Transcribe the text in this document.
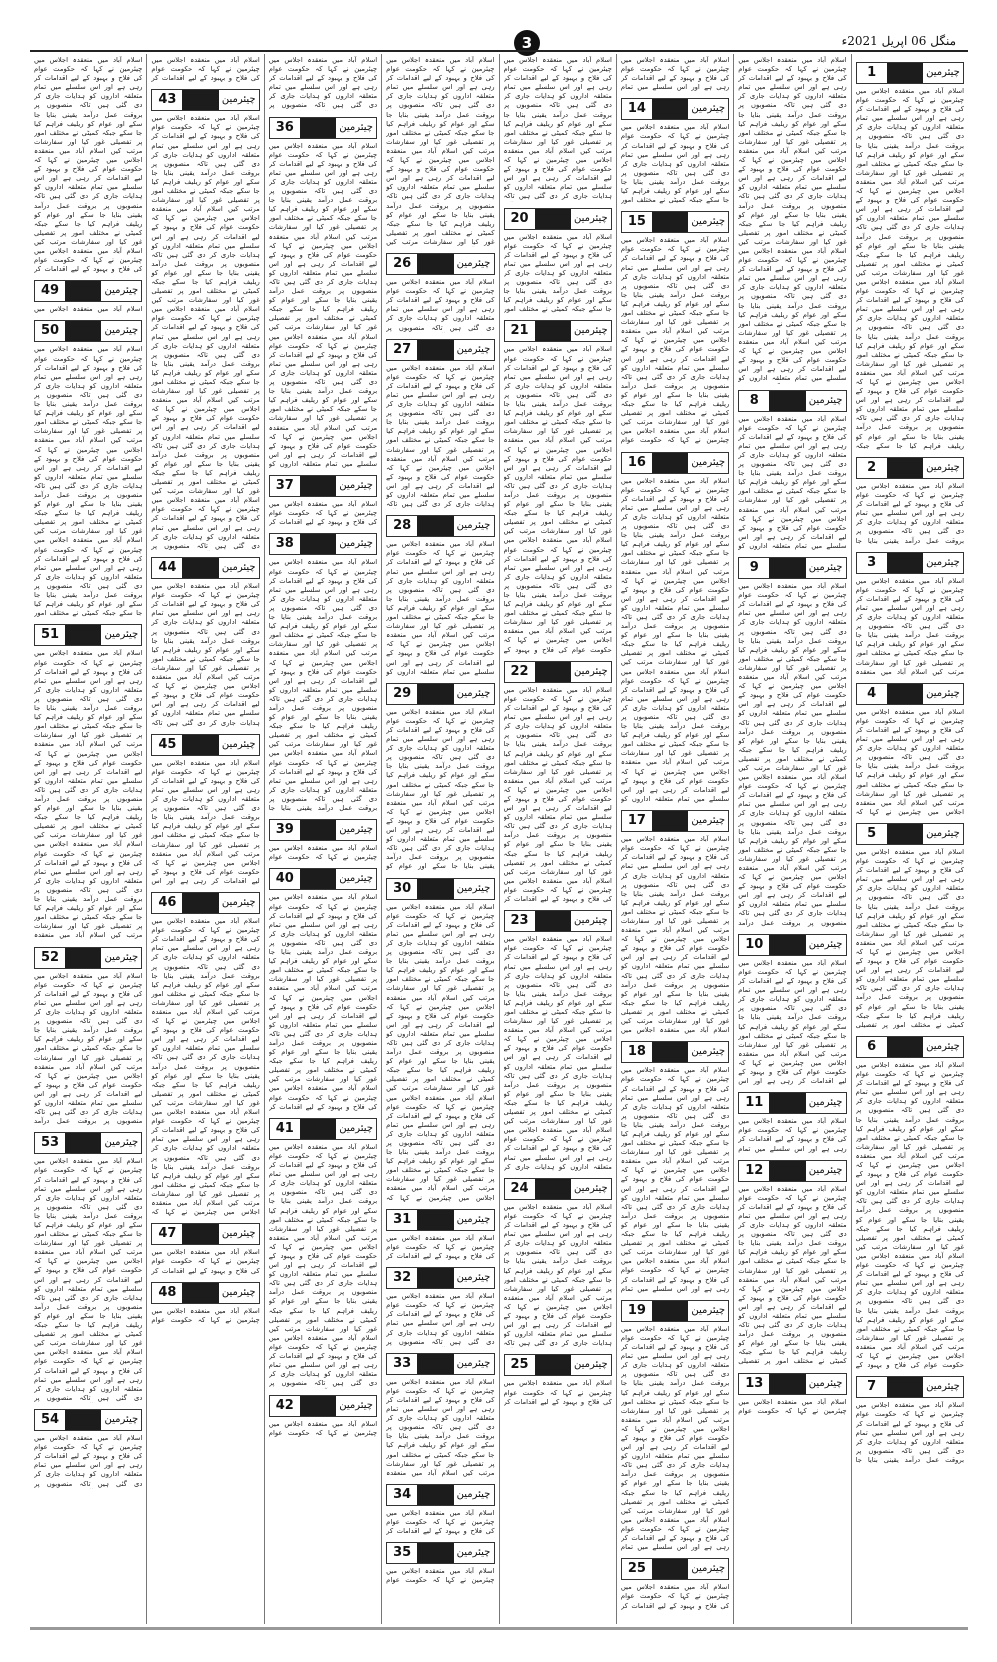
3	منگل 06 اپریل 2021ء
چیئرمین
1
اسلام آباد میں منعقدہ اجلاس میں چیئرمین نے کہا کہ حکومت عوام کی فلاح و بہبود کے لیے اقدامات کر رہی ہے اور اس سلسلے میں تمام متعلقہ اداروں کو ہدایات جاری کر دی گئی ہیں تاکہ منصوبوں پر بروقت عمل درآمد یقینی بنایا جا سکے اور عوام کو ریلیف فراہم کیا جا سکے جبکہ کمیٹی نے مختلف امور پر تفصیلی غور کیا اور سفارشات مرتب کیں اسلام آباد میں منعقدہ اجلاس میں چیئرمین نے کہا کہ حکومت عوام کی فلاح و بہبود کے لیے اقدامات کر رہی ہے اور اس سلسلے میں تمام متعلقہ اداروں کو ہدایات جاری کر دی گئی ہیں تاکہ منصوبوں پر بروقت عمل درآمد یقینی بنایا جا سکے اور عوام کو ریلیف فراہم کیا جا سکے جبکہ کمیٹی نے مختلف امور پر تفصیلی غور کیا اور سفارشات مرتب کیں اسلام آباد میں منعقدہ اجلاس میں چیئرمین نے کہا کہ حکومت عوام کی فلاح و بہبود کے لیے اقدامات کر رہی ہے اور اس سلسلے میں تمام متعلقہ اداروں کو ہدایات جاری کر دی گئی ہیں تاکہ منصوبوں پر بروقت عمل درآمد یقینی بنایا جا سکے اور عوام کو ریلیف فراہم کیا جا سکے جبکہ کمیٹی نے مختلف امور پر تفصیلی غور کیا اور سفارشات مرتب کیں اسلام آباد میں منعقدہ اجلاس میں چیئرمین نے کہا کہ حکومت عوام کی فلاح و بہبود کے لیے اقدامات کر رہی ہے اور اس سلسلے میں تمام متعلقہ اداروں کو ہدایات جاری کر دی گئی ہیں تاکہ منصوبوں پر بروقت عمل درآمد یقینی بنایا جا سکے اور عوام کو ریلیف فراہم کیا جا سکے جبکہ
چیئرمین
2
اسلام آباد میں منعقدہ اجلاس میں چیئرمین نے کہا کہ حکومت عوام کی فلاح و بہبود کے لیے اقدامات کر رہی ہے اور اس سلسلے میں تمام متعلقہ اداروں کو ہدایات جاری کر دی گئی ہیں تاکہ منصوبوں پر بروقت عمل درآمد یقینی بنایا جا
چیئرمین
3
اسلام آباد میں منعقدہ اجلاس میں چیئرمین نے کہا کہ حکومت عوام کی فلاح و بہبود کے لیے اقدامات کر رہی ہے اور اس سلسلے میں تمام متعلقہ اداروں کو ہدایات جاری کر دی گئی ہیں تاکہ منصوبوں پر بروقت عمل درآمد یقینی بنایا جا سکے اور عوام کو ریلیف فراہم کیا جا سکے جبکہ کمیٹی نے مختلف امور پر تفصیلی غور کیا اور سفارشات مرتب کیں اسلام آباد میں منعقدہ
چیئرمین
4
اسلام آباد میں منعقدہ اجلاس میں چیئرمین نے کہا کہ حکومت عوام کی فلاح و بہبود کے لیے اقدامات کر رہی ہے اور اس سلسلے میں تمام متعلقہ اداروں کو ہدایات جاری کر دی گئی ہیں تاکہ منصوبوں پر بروقت عمل درآمد یقینی بنایا جا سکے اور عوام کو ریلیف فراہم کیا جا سکے جبکہ کمیٹی نے مختلف امور پر تفصیلی غور کیا اور سفارشات مرتب کیں اسلام آباد میں منعقدہ اجلاس میں چیئرمین نے کہا کہ
چیئرمین
5
اسلام آباد میں منعقدہ اجلاس میں چیئرمین نے کہا کہ حکومت عوام کی فلاح و بہبود کے لیے اقدامات کر رہی ہے اور اس سلسلے میں تمام متعلقہ اداروں کو ہدایات جاری کر دی گئی ہیں تاکہ منصوبوں پر بروقت عمل درآمد یقینی بنایا جا سکے اور عوام کو ریلیف فراہم کیا جا سکے جبکہ کمیٹی نے مختلف امور پر تفصیلی غور کیا اور سفارشات مرتب کیں اسلام آباد میں منعقدہ اجلاس میں چیئرمین نے کہا کہ حکومت عوام کی فلاح و بہبود کے لیے اقدامات کر رہی ہے اور اس سلسلے میں تمام متعلقہ اداروں کو ہدایات جاری کر دی گئی ہیں تاکہ منصوبوں پر بروقت عمل درآمد یقینی بنایا جا سکے اور عوام کو ریلیف فراہم کیا جا سکے جبکہ کمیٹی نے مختلف امور پر تفصیلی
چیئرمین
6
اسلام آباد میں منعقدہ اجلاس میں چیئرمین نے کہا کہ حکومت عوام کی فلاح و بہبود کے لیے اقدامات کر رہی ہے اور اس سلسلے میں تمام متعلقہ اداروں کو ہدایات جاری کر دی گئی ہیں تاکہ منصوبوں پر بروقت عمل درآمد یقینی بنایا جا سکے اور عوام کو ریلیف فراہم کیا جا سکے جبکہ کمیٹی نے مختلف امور پر تفصیلی غور کیا اور سفارشات مرتب کیں اسلام آباد میں منعقدہ اجلاس میں چیئرمین نے کہا کہ حکومت عوام کی فلاح و بہبود کے لیے اقدامات کر رہی ہے اور اس سلسلے میں تمام متعلقہ اداروں کو ہدایات جاری کر دی گئی ہیں تاکہ منصوبوں پر بروقت عمل درآمد یقینی بنایا جا سکے اور عوام کو ریلیف فراہم کیا جا سکے جبکہ کمیٹی نے مختلف امور پر تفصیلی غور کیا اور سفارشات مرتب کیں اسلام آباد میں منعقدہ اجلاس میں چیئرمین نے کہا کہ حکومت عوام کی فلاح و بہبود کے لیے اقدامات کر رہی ہے اور اس سلسلے میں تمام متعلقہ اداروں کو ہدایات جاری کر دی گئی ہیں تاکہ منصوبوں پر بروقت عمل درآمد یقینی بنایا جا سکے اور عوام کو ریلیف فراہم کیا جا سکے جبکہ کمیٹی نے مختلف امور پر تفصیلی غور کیا اور سفارشات مرتب کیں اسلام آباد میں منعقدہ اجلاس میں چیئرمین نے کہا کہ حکومت عوام کی فلاح و بہبود کے
چیئرمین
7
اسلام آباد میں منعقدہ اجلاس میں چیئرمین نے کہا کہ حکومت عوام کی فلاح و بہبود کے لیے اقدامات کر رہی ہے اور اس سلسلے میں تمام متعلقہ اداروں کو ہدایات جاری کر دی گئی ہیں تاکہ منصوبوں پر بروقت عمل درآمد یقینی بنایا جا
اسلام آباد میں منعقدہ اجلاس میں چیئرمین نے کہا کہ حکومت عوام کی فلاح و بہبود کے لیے اقدامات کر رہی ہے اور اس سلسلے میں تمام متعلقہ اداروں کو ہدایات جاری کر دی گئی ہیں تاکہ منصوبوں پر بروقت عمل درآمد یقینی بنایا جا سکے اور عوام کو ریلیف فراہم کیا جا سکے جبکہ کمیٹی نے مختلف امور پر تفصیلی غور کیا اور سفارشات مرتب کیں اسلام آباد میں منعقدہ اجلاس میں چیئرمین نے کہا کہ حکومت عوام کی فلاح و بہبود کے لیے اقدامات کر رہی ہے اور اس سلسلے میں تمام متعلقہ اداروں کو ہدایات جاری کر دی گئی ہیں تاکہ منصوبوں پر بروقت عمل درآمد یقینی بنایا جا سکے اور عوام کو ریلیف فراہم کیا جا سکے جبکہ کمیٹی نے مختلف امور پر تفصیلی غور کیا اور سفارشات مرتب کیں اسلام آباد میں منعقدہ اجلاس میں چیئرمین نے کہا کہ حکومت عوام کی فلاح و بہبود کے لیے اقدامات کر رہی ہے اور اس سلسلے میں تمام متعلقہ اداروں کو ہدایات جاری کر دی گئی ہیں تاکہ منصوبوں پر بروقت عمل درآمد یقینی بنایا جا سکے اور عوام کو ریلیف فراہم کیا جا سکے جبکہ کمیٹی نے مختلف امور پر تفصیلی غور کیا اور سفارشات مرتب کیں اسلام آباد میں منعقدہ اجلاس میں چیئرمین نے کہا کہ حکومت عوام کی فلاح و بہبود کے لیے اقدامات کر رہی ہے اور اس سلسلے میں تمام متعلقہ اداروں کو
چیئرمین
8
اسلام آباد میں منعقدہ اجلاس میں چیئرمین نے کہا کہ حکومت عوام کی فلاح و بہبود کے لیے اقدامات کر رہی ہے اور اس سلسلے میں تمام متعلقہ اداروں کو ہدایات جاری کر دی گئی ہیں تاکہ منصوبوں پر بروقت عمل درآمد یقینی بنایا جا سکے اور عوام کو ریلیف فراہم کیا جا سکے جبکہ کمیٹی نے مختلف امور پر تفصیلی غور کیا اور سفارشات مرتب کیں اسلام آباد میں منعقدہ اجلاس میں چیئرمین نے کہا کہ حکومت عوام کی فلاح و بہبود کے لیے اقدامات کر رہی ہے اور اس سلسلے میں تمام متعلقہ اداروں کو
چیئرمین
9
اسلام آباد میں منعقدہ اجلاس میں چیئرمین نے کہا کہ حکومت عوام کی فلاح و بہبود کے لیے اقدامات کر رہی ہے اور اس سلسلے میں تمام متعلقہ اداروں کو ہدایات جاری کر دی گئی ہیں تاکہ منصوبوں پر بروقت عمل درآمد یقینی بنایا جا سکے اور عوام کو ریلیف فراہم کیا جا سکے جبکہ کمیٹی نے مختلف امور پر تفصیلی غور کیا اور سفارشات مرتب کیں اسلام آباد میں منعقدہ اجلاس میں چیئرمین نے کہا کہ حکومت عوام کی فلاح و بہبود کے لیے اقدامات کر رہی ہے اور اس سلسلے میں تمام متعلقہ اداروں کو ہدایات جاری کر دی گئی ہیں تاکہ منصوبوں پر بروقت عمل درآمد یقینی بنایا جا سکے اور عوام کو ریلیف فراہم کیا جا سکے جبکہ کمیٹی نے مختلف امور پر تفصیلی غور کیا اور سفارشات مرتب کیں اسلام آباد میں منعقدہ اجلاس میں چیئرمین نے کہا کہ حکومت عوام کی فلاح و بہبود کے لیے اقدامات کر رہی ہے اور اس سلسلے میں تمام متعلقہ اداروں کو ہدایات جاری کر دی گئی ہیں تاکہ منصوبوں پر بروقت عمل درآمد یقینی بنایا جا سکے اور عوام کو ریلیف فراہم کیا جا سکے جبکہ کمیٹی نے مختلف امور پر تفصیلی غور کیا اور سفارشات مرتب کیں اسلام آباد میں منعقدہ اجلاس میں چیئرمین نے کہا کہ حکومت عوام کی فلاح و بہبود کے لیے اقدامات کر رہی ہے اور اس سلسلے میں تمام متعلقہ اداروں کو ہدایات جاری کر دی گئی ہیں تاکہ منصوبوں پر بروقت عمل درآمد
چیئرمین
10
اسلام آباد میں منعقدہ اجلاس میں چیئرمین نے کہا کہ حکومت عوام کی فلاح و بہبود کے لیے اقدامات کر رہی ہے اور اس سلسلے میں تمام متعلقہ اداروں کو ہدایات جاری کر دی گئی ہیں تاکہ منصوبوں پر بروقت عمل درآمد یقینی بنایا جا سکے اور عوام کو ریلیف فراہم کیا جا سکے جبکہ کمیٹی نے مختلف امور پر تفصیلی غور کیا اور سفارشات مرتب کیں اسلام آباد میں منعقدہ اجلاس میں چیئرمین نے کہا کہ حکومت عوام کی فلاح و بہبود کے لیے اقدامات کر رہی ہے اور اس
چیئرمین
11
اسلام آباد میں منعقدہ اجلاس میں چیئرمین نے کہا کہ حکومت عوام کی فلاح و بہبود کے لیے اقدامات کر رہی ہے اور اس سلسلے میں تمام
چیئرمین
12
اسلام آباد میں منعقدہ اجلاس میں چیئرمین نے کہا کہ حکومت عوام کی فلاح و بہبود کے لیے اقدامات کر رہی ہے اور اس سلسلے میں تمام متعلقہ اداروں کو ہدایات جاری کر دی گئی ہیں تاکہ منصوبوں پر بروقت عمل درآمد یقینی بنایا جا سکے اور عوام کو ریلیف فراہم کیا جا سکے جبکہ کمیٹی نے مختلف امور پر تفصیلی غور کیا اور سفارشات مرتب کیں اسلام آباد میں منعقدہ اجلاس میں چیئرمین نے کہا کہ حکومت عوام کی فلاح و بہبود کے لیے اقدامات کر رہی ہے اور اس سلسلے میں تمام متعلقہ اداروں کو ہدایات جاری کر دی گئی ہیں تاکہ منصوبوں پر بروقت عمل درآمد یقینی بنایا جا سکے اور عوام کو ریلیف فراہم کیا جا سکے جبکہ کمیٹی نے مختلف امور پر تفصیلی
چیئرمین
13
اسلام آباد میں منعقدہ اجلاس میں چیئرمین نے کہا کہ حکومت عوام
اسلام آباد میں منعقدہ اجلاس میں چیئرمین نے کہا کہ حکومت عوام کی فلاح و بہبود کے لیے اقدامات کر رہی ہے اور اس سلسلے میں تمام
چیئرمین
14
اسلام آباد میں منعقدہ اجلاس میں چیئرمین نے کہا کہ حکومت عوام کی فلاح و بہبود کے لیے اقدامات کر رہی ہے اور اس سلسلے میں تمام متعلقہ اداروں کو ہدایات جاری کر دی گئی ہیں تاکہ منصوبوں پر بروقت عمل درآمد یقینی بنایا جا سکے اور عوام کو ریلیف فراہم کیا جا سکے جبکہ کمیٹی نے مختلف امور
چیئرمین
15
اسلام آباد میں منعقدہ اجلاس میں چیئرمین نے کہا کہ حکومت عوام کی فلاح و بہبود کے لیے اقدامات کر رہی ہے اور اس سلسلے میں تمام متعلقہ اداروں کو ہدایات جاری کر دی گئی ہیں تاکہ منصوبوں پر بروقت عمل درآمد یقینی بنایا جا سکے اور عوام کو ریلیف فراہم کیا جا سکے جبکہ کمیٹی نے مختلف امور پر تفصیلی غور کیا اور سفارشات مرتب کیں اسلام آباد میں منعقدہ اجلاس میں چیئرمین نے کہا کہ حکومت عوام کی فلاح و بہبود کے لیے اقدامات کر رہی ہے اور اس سلسلے میں تمام متعلقہ اداروں کو ہدایات جاری کر دی گئی ہیں تاکہ منصوبوں پر بروقت عمل درآمد یقینی بنایا جا سکے اور عوام کو ریلیف فراہم کیا جا سکے جبکہ کمیٹی نے مختلف امور پر تفصیلی غور کیا اور سفارشات مرتب کیں اسلام آباد میں منعقدہ اجلاس میں چیئرمین نے کہا کہ حکومت عوام
چیئرمین
16
اسلام آباد میں منعقدہ اجلاس میں چیئرمین نے کہا کہ حکومت عوام کی فلاح و بہبود کے لیے اقدامات کر رہی ہے اور اس سلسلے میں تمام متعلقہ اداروں کو ہدایات جاری کر دی گئی ہیں تاکہ منصوبوں پر بروقت عمل درآمد یقینی بنایا جا سکے اور عوام کو ریلیف فراہم کیا جا سکے جبکہ کمیٹی نے مختلف امور پر تفصیلی غور کیا اور سفارشات مرتب کیں اسلام آباد میں منعقدہ اجلاس میں چیئرمین نے کہا کہ حکومت عوام کی فلاح و بہبود کے لیے اقدامات کر رہی ہے اور اس سلسلے میں تمام متعلقہ اداروں کو ہدایات جاری کر دی گئی ہیں تاکہ منصوبوں پر بروقت عمل درآمد یقینی بنایا جا سکے اور عوام کو ریلیف فراہم کیا جا سکے جبکہ کمیٹی نے مختلف امور پر تفصیلی غور کیا اور سفارشات مرتب کیں اسلام آباد میں منعقدہ اجلاس میں چیئرمین نے کہا کہ حکومت عوام کی فلاح و بہبود کے لیے اقدامات کر رہی ہے اور اس سلسلے میں تمام متعلقہ اداروں کو ہدایات جاری کر دی گئی ہیں تاکہ منصوبوں پر بروقت عمل درآمد یقینی بنایا جا سکے اور عوام کو ریلیف فراہم کیا جا سکے جبکہ کمیٹی نے مختلف امور پر تفصیلی غور کیا اور سفارشات مرتب کیں اسلام آباد میں منعقدہ اجلاس میں چیئرمین نے کہا کہ حکومت عوام کی فلاح و بہبود کے لیے اقدامات کر رہی ہے اور اس سلسلے میں تمام متعلقہ اداروں کو
چیئرمین
17
اسلام آباد میں منعقدہ اجلاس میں چیئرمین نے کہا کہ حکومت عوام کی فلاح و بہبود کے لیے اقدامات کر رہی ہے اور اس سلسلے میں تمام متعلقہ اداروں کو ہدایات جاری کر دی گئی ہیں تاکہ منصوبوں پر بروقت عمل درآمد یقینی بنایا جا سکے اور عوام کو ریلیف فراہم کیا جا سکے جبکہ کمیٹی نے مختلف امور پر تفصیلی غور کیا اور سفارشات مرتب کیں اسلام آباد میں منعقدہ اجلاس میں چیئرمین نے کہا کہ حکومت عوام کی فلاح و بہبود کے لیے اقدامات کر رہی ہے اور اس سلسلے میں تمام متعلقہ اداروں کو ہدایات جاری کر دی گئی ہیں تاکہ منصوبوں پر بروقت عمل درآمد یقینی بنایا جا سکے اور عوام کو ریلیف فراہم کیا جا سکے جبکہ کمیٹی نے مختلف امور پر تفصیلی غور کیا اور سفارشات مرتب کیں اسلام آباد میں منعقدہ اجلاس میں
چیئرمین
18
اسلام آباد میں منعقدہ اجلاس میں چیئرمین نے کہا کہ حکومت عوام کی فلاح و بہبود کے لیے اقدامات کر رہی ہے اور اس سلسلے میں تمام متعلقہ اداروں کو ہدایات جاری کر دی گئی ہیں تاکہ منصوبوں پر بروقت عمل درآمد یقینی بنایا جا سکے اور عوام کو ریلیف فراہم کیا جا سکے جبکہ کمیٹی نے مختلف امور پر تفصیلی غور کیا اور سفارشات مرتب کیں اسلام آباد میں منعقدہ اجلاس میں چیئرمین نے کہا کہ حکومت عوام کی فلاح و بہبود کے لیے اقدامات کر رہی ہے اور اس سلسلے میں تمام متعلقہ اداروں کو ہدایات جاری کر دی گئی ہیں تاکہ منصوبوں پر بروقت عمل درآمد یقینی بنایا جا سکے اور عوام کو ریلیف فراہم کیا جا سکے جبکہ کمیٹی نے مختلف امور پر تفصیلی غور کیا اور سفارشات مرتب کیں اسلام آباد میں منعقدہ اجلاس میں چیئرمین نے کہا کہ حکومت عوام کی فلاح و بہبود کے لیے اقدامات کر رہی ہے اور اس سلسلے میں تمام
چیئرمین
19
اسلام آباد میں منعقدہ اجلاس میں چیئرمین نے کہا کہ حکومت عوام کی فلاح و بہبود کے لیے اقدامات کر رہی ہے اور اس سلسلے میں تمام متعلقہ اداروں کو ہدایات جاری کر دی گئی ہیں تاکہ منصوبوں پر بروقت عمل درآمد یقینی بنایا جا سکے اور عوام کو ریلیف فراہم کیا جا سکے جبکہ کمیٹی نے مختلف امور پر تفصیلی غور کیا اور سفارشات مرتب کیں اسلام آباد میں منعقدہ اجلاس میں چیئرمین نے کہا کہ حکومت عوام کی فلاح و بہبود کے لیے اقدامات کر رہی ہے اور اس سلسلے میں تمام متعلقہ اداروں کو ہدایات جاری کر دی گئی ہیں تاکہ منصوبوں پر بروقت عمل درآمد یقینی بنایا جا سکے اور عوام کو ریلیف فراہم کیا جا سکے جبکہ کمیٹی نے مختلف امور پر تفصیلی غور کیا اور سفارشات مرتب کیں اسلام آباد میں منعقدہ اجلاس میں چیئرمین نے کہا کہ حکومت عوام کی فلاح و بہبود کے لیے اقدامات کر رہی ہے اور اس سلسلے میں تمام
چیئرمین
25
اسلام آباد میں منعقدہ اجلاس میں چیئرمین نے کہا کہ حکومت عوام کی فلاح و بہبود کے لیے اقدامات کر
اسلام آباد میں منعقدہ اجلاس میں چیئرمین نے کہا کہ حکومت عوام کی فلاح و بہبود کے لیے اقدامات کر رہی ہے اور اس سلسلے میں تمام متعلقہ اداروں کو ہدایات جاری کر دی گئی ہیں تاکہ منصوبوں پر بروقت عمل درآمد یقینی بنایا جا سکے اور عوام کو ریلیف فراہم کیا جا سکے جبکہ کمیٹی نے مختلف امور پر تفصیلی غور کیا اور سفارشات مرتب کیں اسلام آباد میں منعقدہ اجلاس میں چیئرمین نے کہا کہ حکومت عوام کی فلاح و بہبود کے لیے اقدامات کر رہی ہے اور اس سلسلے میں تمام متعلقہ اداروں کو ہدایات جاری کر دی گئی ہیں تاکہ
چیئرمین
20
اسلام آباد میں منعقدہ اجلاس میں چیئرمین نے کہا کہ حکومت عوام کی فلاح و بہبود کے لیے اقدامات کر رہی ہے اور اس سلسلے میں تمام متعلقہ اداروں کو ہدایات جاری کر دی گئی ہیں تاکہ منصوبوں پر بروقت عمل درآمد یقینی بنایا جا سکے اور عوام کو ریلیف فراہم کیا جا سکے جبکہ کمیٹی نے مختلف امور
چیئرمین
21
اسلام آباد میں منعقدہ اجلاس میں چیئرمین نے کہا کہ حکومت عوام کی فلاح و بہبود کے لیے اقدامات کر رہی ہے اور اس سلسلے میں تمام متعلقہ اداروں کو ہدایات جاری کر دی گئی ہیں تاکہ منصوبوں پر بروقت عمل درآمد یقینی بنایا جا سکے اور عوام کو ریلیف فراہم کیا جا سکے جبکہ کمیٹی نے مختلف امور پر تفصیلی غور کیا اور سفارشات مرتب کیں اسلام آباد میں منعقدہ اجلاس میں چیئرمین نے کہا کہ حکومت عوام کی فلاح و بہبود کے لیے اقدامات کر رہی ہے اور اس سلسلے میں تمام متعلقہ اداروں کو ہدایات جاری کر دی گئی ہیں تاکہ منصوبوں پر بروقت عمل درآمد یقینی بنایا جا سکے اور عوام کو ریلیف فراہم کیا جا سکے جبکہ کمیٹی نے مختلف امور پر تفصیلی غور کیا اور سفارشات مرتب کیں اسلام آباد میں منعقدہ اجلاس میں چیئرمین نے کہا کہ حکومت عوام کی فلاح و بہبود کے لیے اقدامات کر رہی ہے اور اس سلسلے میں تمام متعلقہ اداروں کو ہدایات جاری کر دی گئی ہیں تاکہ منصوبوں پر بروقت عمل درآمد یقینی بنایا جا سکے اور عوام کو ریلیف فراہم کیا جا سکے جبکہ کمیٹی نے مختلف امور پر تفصیلی غور کیا اور سفارشات مرتب کیں اسلام آباد میں منعقدہ اجلاس میں چیئرمین نے کہا کہ حکومت عوام کی فلاح و بہبود کے
چیئرمین
22
اسلام آباد میں منعقدہ اجلاس میں چیئرمین نے کہا کہ حکومت عوام کی فلاح و بہبود کے لیے اقدامات کر رہی ہے اور اس سلسلے میں تمام متعلقہ اداروں کو ہدایات جاری کر دی گئی ہیں تاکہ منصوبوں پر بروقت عمل درآمد یقینی بنایا جا سکے اور عوام کو ریلیف فراہم کیا جا سکے جبکہ کمیٹی نے مختلف امور پر تفصیلی غور کیا اور سفارشات مرتب کیں اسلام آباد میں منعقدہ اجلاس میں چیئرمین نے کہا کہ حکومت عوام کی فلاح و بہبود کے لیے اقدامات کر رہی ہے اور اس سلسلے میں تمام متعلقہ اداروں کو ہدایات جاری کر دی گئی ہیں تاکہ منصوبوں پر بروقت عمل درآمد یقینی بنایا جا سکے اور عوام کو ریلیف فراہم کیا جا سکے جبکہ کمیٹی نے مختلف امور پر تفصیلی غور کیا اور سفارشات مرتب کیں اسلام آباد میں منعقدہ اجلاس میں چیئرمین نے کہا کہ حکومت عوام کی فلاح و بہبود کے لیے اقدامات کر
چیئرمین
23
اسلام آباد میں منعقدہ اجلاس میں چیئرمین نے کہا کہ حکومت عوام کی فلاح و بہبود کے لیے اقدامات کر رہی ہے اور اس سلسلے میں تمام متعلقہ اداروں کو ہدایات جاری کر دی گئی ہیں تاکہ منصوبوں پر بروقت عمل درآمد یقینی بنایا جا سکے اور عوام کو ریلیف فراہم کیا جا سکے جبکہ کمیٹی نے مختلف امور پر تفصیلی غور کیا اور سفارشات مرتب کیں اسلام آباد میں منعقدہ اجلاس میں چیئرمین نے کہا کہ حکومت عوام کی فلاح و بہبود کے لیے اقدامات کر رہی ہے اور اس سلسلے میں تمام متعلقہ اداروں کو ہدایات جاری کر دی گئی ہیں تاکہ منصوبوں پر بروقت عمل درآمد یقینی بنایا جا سکے اور عوام کو ریلیف فراہم کیا جا سکے جبکہ کمیٹی نے مختلف امور پر تفصیلی غور کیا اور سفارشات مرتب کیں اسلام آباد میں منعقدہ اجلاس میں چیئرمین نے کہا کہ حکومت عوام کی فلاح و بہبود کے لیے اقدامات کر رہی ہے اور اس سلسلے میں تمام متعلقہ اداروں کو ہدایات جاری کر
چیئرمین
24
اسلام آباد میں منعقدہ اجلاس میں چیئرمین نے کہا کہ حکومت عوام کی فلاح و بہبود کے لیے اقدامات کر رہی ہے اور اس سلسلے میں تمام متعلقہ اداروں کو ہدایات جاری کر دی گئی ہیں تاکہ منصوبوں پر بروقت عمل درآمد یقینی بنایا جا سکے اور عوام کو ریلیف فراہم کیا جا سکے جبکہ کمیٹی نے مختلف امور پر تفصیلی غور کیا اور سفارشات مرتب کیں اسلام آباد میں منعقدہ اجلاس میں چیئرمین نے کہا کہ حکومت عوام کی فلاح و بہبود کے لیے اقدامات کر رہی ہے اور اس سلسلے میں تمام متعلقہ اداروں کو ہدایات جاری کر دی گئی ہیں تاکہ
چیئرمین
25
اسلام آباد میں منعقدہ اجلاس میں چیئرمین نے کہا کہ حکومت عوام کی فلاح و بہبود کے لیے اقدامات کر
اسلام آباد میں منعقدہ اجلاس میں چیئرمین نے کہا کہ حکومت عوام کی فلاح و بہبود کے لیے اقدامات کر رہی ہے اور اس سلسلے میں تمام متعلقہ اداروں کو ہدایات جاری کر دی گئی ہیں تاکہ منصوبوں پر بروقت عمل درآمد یقینی بنایا جا سکے اور عوام کو ریلیف فراہم کیا جا سکے جبکہ کمیٹی نے مختلف امور پر تفصیلی غور کیا اور سفارشات مرتب کیں اسلام آباد میں منعقدہ اجلاس میں چیئرمین نے کہا کہ حکومت عوام کی فلاح و بہبود کے لیے اقدامات کر رہی ہے اور اس سلسلے میں تمام متعلقہ اداروں کو ہدایات جاری کر دی گئی ہیں تاکہ منصوبوں پر بروقت عمل درآمد یقینی بنایا جا سکے اور عوام کو ریلیف فراہم کیا جا سکے جبکہ کمیٹی نے مختلف امور پر تفصیلی غور کیا اور سفارشات مرتب کیں
چیئرمین
26
اسلام آباد میں منعقدہ اجلاس میں چیئرمین نے کہا کہ حکومت عوام کی فلاح و بہبود کے لیے اقدامات کر رہی ہے اور اس سلسلے میں تمام متعلقہ اداروں کو ہدایات جاری کر دی گئی ہیں تاکہ منصوبوں پر
چیئرمین
27
اسلام آباد میں منعقدہ اجلاس میں چیئرمین نے کہا کہ حکومت عوام کی فلاح و بہبود کے لیے اقدامات کر رہی ہے اور اس سلسلے میں تمام متعلقہ اداروں کو ہدایات جاری کر دی گئی ہیں تاکہ منصوبوں پر بروقت عمل درآمد یقینی بنایا جا سکے اور عوام کو ریلیف فراہم کیا جا سکے جبکہ کمیٹی نے مختلف امور پر تفصیلی غور کیا اور سفارشات مرتب کیں اسلام آباد میں منعقدہ اجلاس میں چیئرمین نے کہا کہ حکومت عوام کی فلاح و بہبود کے لیے اقدامات کر رہی ہے اور اس سلسلے میں تمام متعلقہ اداروں کو ہدایات جاری کر دی گئی ہیں تاکہ
چیئرمین
28
اسلام آباد میں منعقدہ اجلاس میں چیئرمین نے کہا کہ حکومت عوام کی فلاح و بہبود کے لیے اقدامات کر رہی ہے اور اس سلسلے میں تمام متعلقہ اداروں کو ہدایات جاری کر دی گئی ہیں تاکہ منصوبوں پر بروقت عمل درآمد یقینی بنایا جا سکے اور عوام کو ریلیف فراہم کیا جا سکے جبکہ کمیٹی نے مختلف امور پر تفصیلی غور کیا اور سفارشات مرتب کیں اسلام آباد میں منعقدہ اجلاس میں چیئرمین نے کہا کہ حکومت عوام کی فلاح و بہبود کے لیے اقدامات کر رہی ہے اور اس سلسلے میں تمام متعلقہ اداروں کو
چیئرمین
29
اسلام آباد میں منعقدہ اجلاس میں چیئرمین نے کہا کہ حکومت عوام کی فلاح و بہبود کے لیے اقدامات کر رہی ہے اور اس سلسلے میں تمام متعلقہ اداروں کو ہدایات جاری کر دی گئی ہیں تاکہ منصوبوں پر بروقت عمل درآمد یقینی بنایا جا سکے اور عوام کو ریلیف فراہم کیا جا سکے جبکہ کمیٹی نے مختلف امور پر تفصیلی غور کیا اور سفارشات مرتب کیں اسلام آباد میں منعقدہ اجلاس میں چیئرمین نے کہا کہ حکومت عوام کی فلاح و بہبود کے لیے اقدامات کر رہی ہے اور اس سلسلے میں تمام متعلقہ اداروں کو ہدایات جاری کر دی گئی ہیں تاکہ منصوبوں پر بروقت عمل درآمد یقینی بنایا جا سکے اور عوام کو
چیئرمین
30
اسلام آباد میں منعقدہ اجلاس میں چیئرمین نے کہا کہ حکومت عوام کی فلاح و بہبود کے لیے اقدامات کر رہی ہے اور اس سلسلے میں تمام متعلقہ اداروں کو ہدایات جاری کر دی گئی ہیں تاکہ منصوبوں پر بروقت عمل درآمد یقینی بنایا جا سکے اور عوام کو ریلیف فراہم کیا جا سکے جبکہ کمیٹی نے مختلف امور پر تفصیلی غور کیا اور سفارشات مرتب کیں اسلام آباد میں منعقدہ اجلاس میں چیئرمین نے کہا کہ حکومت عوام کی فلاح و بہبود کے لیے اقدامات کر رہی ہے اور اس سلسلے میں تمام متعلقہ اداروں کو ہدایات جاری کر دی گئی ہیں تاکہ منصوبوں پر بروقت عمل درآمد یقینی بنایا جا سکے اور عوام کو ریلیف فراہم کیا جا سکے جبکہ کمیٹی نے مختلف امور پر تفصیلی غور کیا اور سفارشات مرتب کیں اسلام آباد میں منعقدہ اجلاس میں چیئرمین نے کہا کہ حکومت عوام کی فلاح و بہبود کے لیے اقدامات کر رہی ہے اور اس سلسلے میں تمام متعلقہ اداروں کو ہدایات جاری کر دی گئی ہیں تاکہ منصوبوں پر بروقت عمل درآمد یقینی بنایا جا سکے اور عوام کو ریلیف فراہم کیا جا سکے جبکہ کمیٹی نے مختلف امور پر تفصیلی غور کیا اور سفارشات مرتب کیں اسلام آباد میں منعقدہ اجلاس میں چیئرمین نے کہا کہ
چیئرمین
31
اسلام آباد میں منعقدہ اجلاس میں چیئرمین نے کہا کہ حکومت عوام کی فلاح و بہبود کے لیے اقدامات کر
چیئرمین
32
اسلام آباد میں منعقدہ اجلاس میں چیئرمین نے کہا کہ حکومت عوام کی فلاح و بہبود کے لیے اقدامات کر رہی ہے اور اس سلسلے میں تمام متعلقہ اداروں کو ہدایات جاری کر دی گئی ہیں تاکہ منصوبوں پر
چیئرمین
33
اسلام آباد میں منعقدہ اجلاس میں چیئرمین نے کہا کہ حکومت عوام کی فلاح و بہبود کے لیے اقدامات کر رہی ہے اور اس سلسلے میں تمام متعلقہ اداروں کو ہدایات جاری کر دی گئی ہیں تاکہ منصوبوں پر بروقت عمل درآمد یقینی بنایا جا سکے اور عوام کو ریلیف فراہم کیا جا سکے جبکہ کمیٹی نے مختلف امور پر تفصیلی غور کیا اور سفارشات مرتب کیں اسلام آباد میں منعقدہ
چیئرمین
34
اسلام آباد میں منعقدہ اجلاس میں چیئرمین نے کہا کہ حکومت عوام کی فلاح و بہبود کے لیے اقدامات کر
چیئرمین
35
اسلام آباد میں منعقدہ اجلاس میں چیئرمین نے کہا کہ حکومت عوام
اسلام آباد میں منعقدہ اجلاس میں چیئرمین نے کہا کہ حکومت عوام کی فلاح و بہبود کے لیے اقدامات کر رہی ہے اور اس سلسلے میں تمام متعلقہ اداروں کو ہدایات جاری کر دی گئی ہیں تاکہ منصوبوں پر
چیئرمین
36
اسلام آباد میں منعقدہ اجلاس میں چیئرمین نے کہا کہ حکومت عوام کی فلاح و بہبود کے لیے اقدامات کر رہی ہے اور اس سلسلے میں تمام متعلقہ اداروں کو ہدایات جاری کر دی گئی ہیں تاکہ منصوبوں پر بروقت عمل درآمد یقینی بنایا جا سکے اور عوام کو ریلیف فراہم کیا جا سکے جبکہ کمیٹی نے مختلف امور پر تفصیلی غور کیا اور سفارشات مرتب کیں اسلام آباد میں منعقدہ اجلاس میں چیئرمین نے کہا کہ حکومت عوام کی فلاح و بہبود کے لیے اقدامات کر رہی ہے اور اس سلسلے میں تمام متعلقہ اداروں کو ہدایات جاری کر دی گئی ہیں تاکہ منصوبوں پر بروقت عمل درآمد یقینی بنایا جا سکے اور عوام کو ریلیف فراہم کیا جا سکے جبکہ کمیٹی نے مختلف امور پر تفصیلی غور کیا اور سفارشات مرتب کیں اسلام آباد میں منعقدہ اجلاس میں چیئرمین نے کہا کہ حکومت عوام کی فلاح و بہبود کے لیے اقدامات کر رہی ہے اور اس سلسلے میں تمام متعلقہ اداروں کو ہدایات جاری کر دی گئی ہیں تاکہ منصوبوں پر بروقت عمل درآمد یقینی بنایا جا سکے اور عوام کو ریلیف فراہم کیا جا سکے جبکہ کمیٹی نے مختلف امور پر تفصیلی غور کیا اور سفارشات مرتب کیں اسلام آباد میں منعقدہ اجلاس میں چیئرمین نے کہا کہ حکومت عوام کی فلاح و بہبود کے لیے اقدامات کر رہی ہے اور اس سلسلے میں تمام متعلقہ اداروں کو
چیئرمین
37
اسلام آباد میں منعقدہ اجلاس میں چیئرمین نے کہا کہ حکومت عوام کی فلاح و بہبود کے لیے اقدامات کر
چیئرمین
38
اسلام آباد میں منعقدہ اجلاس میں چیئرمین نے کہا کہ حکومت عوام کی فلاح و بہبود کے لیے اقدامات کر رہی ہے اور اس سلسلے میں تمام متعلقہ اداروں کو ہدایات جاری کر دی گئی ہیں تاکہ منصوبوں پر بروقت عمل درآمد یقینی بنایا جا سکے اور عوام کو ریلیف فراہم کیا جا سکے جبکہ کمیٹی نے مختلف امور پر تفصیلی غور کیا اور سفارشات مرتب کیں اسلام آباد میں منعقدہ اجلاس میں چیئرمین نے کہا کہ حکومت عوام کی فلاح و بہبود کے لیے اقدامات کر رہی ہے اور اس سلسلے میں تمام متعلقہ اداروں کو ہدایات جاری کر دی گئی ہیں تاکہ منصوبوں پر بروقت عمل درآمد یقینی بنایا جا سکے اور عوام کو ریلیف فراہم کیا جا سکے جبکہ کمیٹی نے مختلف امور پر تفصیلی غور کیا اور سفارشات مرتب کیں اسلام آباد میں منعقدہ اجلاس میں چیئرمین نے کہا کہ حکومت عوام کی فلاح و بہبود کے لیے اقدامات کر رہی ہے اور اس سلسلے میں تمام متعلقہ اداروں کو ہدایات جاری کر دی گئی ہیں تاکہ منصوبوں پر بروقت عمل درآمد یقینی بنایا جا
چیئرمین
39
اسلام آباد میں منعقدہ اجلاس میں چیئرمین نے کہا کہ حکومت عوام
چیئرمین
40
اسلام آباد میں منعقدہ اجلاس میں چیئرمین نے کہا کہ حکومت عوام کی فلاح و بہبود کے لیے اقدامات کر رہی ہے اور اس سلسلے میں تمام متعلقہ اداروں کو ہدایات جاری کر دی گئی ہیں تاکہ منصوبوں پر بروقت عمل درآمد یقینی بنایا جا سکے اور عوام کو ریلیف فراہم کیا جا سکے جبکہ کمیٹی نے مختلف امور پر تفصیلی غور کیا اور سفارشات مرتب کیں اسلام آباد میں منعقدہ اجلاس میں چیئرمین نے کہا کہ حکومت عوام کی فلاح و بہبود کے لیے اقدامات کر رہی ہے اور اس سلسلے میں تمام متعلقہ اداروں کو ہدایات جاری کر دی گئی ہیں تاکہ منصوبوں پر بروقت عمل درآمد یقینی بنایا جا سکے اور عوام کو ریلیف فراہم کیا جا سکے جبکہ کمیٹی نے مختلف امور پر تفصیلی غور کیا اور سفارشات مرتب کیں اسلام آباد میں منعقدہ اجلاس میں چیئرمین نے کہا کہ حکومت عوام کی فلاح و بہبود کے لیے اقدامات کر
چیئرمین
41
اسلام آباد میں منعقدہ اجلاس میں چیئرمین نے کہا کہ حکومت عوام کی فلاح و بہبود کے لیے اقدامات کر رہی ہے اور اس سلسلے میں تمام متعلقہ اداروں کو ہدایات جاری کر دی گئی ہیں تاکہ منصوبوں پر بروقت عمل درآمد یقینی بنایا جا سکے اور عوام کو ریلیف فراہم کیا جا سکے جبکہ کمیٹی نے مختلف امور پر تفصیلی غور کیا اور سفارشات مرتب کیں اسلام آباد میں منعقدہ اجلاس میں چیئرمین نے کہا کہ حکومت عوام کی فلاح و بہبود کے لیے اقدامات کر رہی ہے اور اس سلسلے میں تمام متعلقہ اداروں کو ہدایات جاری کر دی گئی ہیں تاکہ منصوبوں پر بروقت عمل درآمد یقینی بنایا جا سکے اور عوام کو ریلیف فراہم کیا جا سکے جبکہ کمیٹی نے مختلف امور پر تفصیلی غور کیا اور سفارشات مرتب کیں اسلام آباد میں منعقدہ اجلاس میں چیئرمین نے کہا کہ حکومت عوام کی فلاح و بہبود کے لیے اقدامات کر رہی ہے اور اس سلسلے میں تمام متعلقہ اداروں کو ہدایات جاری کر دی گئی ہیں تاکہ منصوبوں پر
چیئرمین
42
اسلام آباد میں منعقدہ اجلاس میں چیئرمین نے کہا کہ حکومت عوام
اسلام آباد میں منعقدہ اجلاس میں چیئرمین نے کہا کہ حکومت عوام کی فلاح و بہبود کے لیے اقدامات کر
چیئرمین
43
اسلام آباد میں منعقدہ اجلاس میں چیئرمین نے کہا کہ حکومت عوام کی فلاح و بہبود کے لیے اقدامات کر رہی ہے اور اس سلسلے میں تمام متعلقہ اداروں کو ہدایات جاری کر دی گئی ہیں تاکہ منصوبوں پر بروقت عمل درآمد یقینی بنایا جا سکے اور عوام کو ریلیف فراہم کیا جا سکے جبکہ کمیٹی نے مختلف امور پر تفصیلی غور کیا اور سفارشات مرتب کیں اسلام آباد میں منعقدہ اجلاس میں چیئرمین نے کہا کہ حکومت عوام کی فلاح و بہبود کے لیے اقدامات کر رہی ہے اور اس سلسلے میں تمام متعلقہ اداروں کو ہدایات جاری کر دی گئی ہیں تاکہ منصوبوں پر بروقت عمل درآمد یقینی بنایا جا سکے اور عوام کو ریلیف فراہم کیا جا سکے جبکہ کمیٹی نے مختلف امور پر تفصیلی غور کیا اور سفارشات مرتب کیں اسلام آباد میں منعقدہ اجلاس میں چیئرمین نے کہا کہ حکومت عوام کی فلاح و بہبود کے لیے اقدامات کر رہی ہے اور اس سلسلے میں تمام متعلقہ اداروں کو ہدایات جاری کر دی گئی ہیں تاکہ منصوبوں پر بروقت عمل درآمد یقینی بنایا جا سکے اور عوام کو ریلیف فراہم کیا جا سکے جبکہ کمیٹی نے مختلف امور پر تفصیلی غور کیا اور سفارشات مرتب کیں اسلام آباد میں منعقدہ اجلاس میں چیئرمین نے کہا کہ حکومت عوام کی فلاح و بہبود کے لیے اقدامات کر رہی ہے اور اس سلسلے میں تمام متعلقہ اداروں کو ہدایات جاری کر دی گئی ہیں تاکہ منصوبوں پر بروقت عمل درآمد یقینی بنایا جا سکے اور عوام کو ریلیف فراہم کیا جا سکے جبکہ کمیٹی نے مختلف امور پر تفصیلی غور کیا اور سفارشات مرتب کیں اسلام آباد میں منعقدہ اجلاس میں چیئرمین نے کہا کہ حکومت عوام کی فلاح و بہبود کے لیے اقدامات کر رہی ہے اور اس سلسلے میں تمام متعلقہ اداروں کو ہدایات جاری کر دی گئی ہیں تاکہ منصوبوں پر
چیئرمین
44
اسلام آباد میں منعقدہ اجلاس میں چیئرمین نے کہا کہ حکومت عوام کی فلاح و بہبود کے لیے اقدامات کر رہی ہے اور اس سلسلے میں تمام متعلقہ اداروں کو ہدایات جاری کر دی گئی ہیں تاکہ منصوبوں پر بروقت عمل درآمد یقینی بنایا جا سکے اور عوام کو ریلیف فراہم کیا جا سکے جبکہ کمیٹی نے مختلف امور پر تفصیلی غور کیا اور سفارشات مرتب کیں اسلام آباد میں منعقدہ اجلاس میں چیئرمین نے کہا کہ حکومت عوام کی فلاح و بہبود کے لیے اقدامات کر رہی ہے اور اس سلسلے میں تمام متعلقہ اداروں کو ہدایات جاری کر دی گئی ہیں تاکہ
چیئرمین
45
اسلام آباد میں منعقدہ اجلاس میں چیئرمین نے کہا کہ حکومت عوام کی فلاح و بہبود کے لیے اقدامات کر رہی ہے اور اس سلسلے میں تمام متعلقہ اداروں کو ہدایات جاری کر دی گئی ہیں تاکہ منصوبوں پر بروقت عمل درآمد یقینی بنایا جا سکے اور عوام کو ریلیف فراہم کیا جا سکے جبکہ کمیٹی نے مختلف امور پر تفصیلی غور کیا اور سفارشات مرتب کیں اسلام آباد میں منعقدہ اجلاس میں چیئرمین نے کہا کہ حکومت عوام کی فلاح و بہبود کے لیے اقدامات کر رہی ہے اور اس
چیئرمین
46
اسلام آباد میں منعقدہ اجلاس میں چیئرمین نے کہا کہ حکومت عوام کی فلاح و بہبود کے لیے اقدامات کر رہی ہے اور اس سلسلے میں تمام متعلقہ اداروں کو ہدایات جاری کر دی گئی ہیں تاکہ منصوبوں پر بروقت عمل درآمد یقینی بنایا جا سکے اور عوام کو ریلیف فراہم کیا جا سکے جبکہ کمیٹی نے مختلف امور پر تفصیلی غور کیا اور سفارشات مرتب کیں اسلام آباد میں منعقدہ اجلاس میں چیئرمین نے کہا کہ حکومت عوام کی فلاح و بہبود کے لیے اقدامات کر رہی ہے اور اس سلسلے میں تمام متعلقہ اداروں کو ہدایات جاری کر دی گئی ہیں تاکہ منصوبوں پر بروقت عمل درآمد یقینی بنایا جا سکے اور عوام کو ریلیف فراہم کیا جا سکے جبکہ کمیٹی نے مختلف امور پر تفصیلی غور کیا اور سفارشات مرتب کیں اسلام آباد میں منعقدہ اجلاس میں چیئرمین نے کہا کہ حکومت عوام کی فلاح و بہبود کے لیے اقدامات کر رہی ہے اور اس سلسلے میں تمام متعلقہ اداروں کو ہدایات جاری کر دی گئی ہیں تاکہ منصوبوں پر بروقت عمل درآمد یقینی بنایا جا سکے اور عوام کو ریلیف فراہم کیا جا سکے جبکہ کمیٹی نے مختلف امور پر تفصیلی غور کیا اور سفارشات مرتب کیں اسلام آباد میں منعقدہ اجلاس میں چیئرمین نے کہا کہ
چیئرمین
47
اسلام آباد میں منعقدہ اجلاس میں چیئرمین نے کہا کہ حکومت عوام کی فلاح و بہبود کے لیے اقدامات کر
چیئرمین
48
اسلام آباد میں منعقدہ اجلاس میں چیئرمین نے کہا کہ حکومت عوام
اسلام آباد میں منعقدہ اجلاس میں چیئرمین نے کہا کہ حکومت عوام کی فلاح و بہبود کے لیے اقدامات کر رہی ہے اور اس سلسلے میں تمام متعلقہ اداروں کو ہدایات جاری کر دی گئی ہیں تاکہ منصوبوں پر بروقت عمل درآمد یقینی بنایا جا سکے اور عوام کو ریلیف فراہم کیا جا سکے جبکہ کمیٹی نے مختلف امور پر تفصیلی غور کیا اور سفارشات مرتب کیں اسلام آباد میں منعقدہ اجلاس میں چیئرمین نے کہا کہ حکومت عوام کی فلاح و بہبود کے لیے اقدامات کر رہی ہے اور اس سلسلے میں تمام متعلقہ اداروں کو ہدایات جاری کر دی گئی ہیں تاکہ منصوبوں پر بروقت عمل درآمد یقینی بنایا جا سکے اور عوام کو ریلیف فراہم کیا جا سکے جبکہ کمیٹی نے مختلف امور پر تفصیلی غور کیا اور سفارشات مرتب کیں اسلام آباد میں منعقدہ اجلاس میں چیئرمین نے کہا کہ حکومت عوام کی فلاح و بہبود کے لیے اقدامات کر
چیئرمین
49
اسلام آباد میں منعقدہ اجلاس میں
چیئرمین
50
اسلام آباد میں منعقدہ اجلاس میں چیئرمین نے کہا کہ حکومت عوام کی فلاح و بہبود کے لیے اقدامات کر رہی ہے اور اس سلسلے میں تمام متعلقہ اداروں کو ہدایات جاری کر دی گئی ہیں تاکہ منصوبوں پر بروقت عمل درآمد یقینی بنایا جا سکے اور عوام کو ریلیف فراہم کیا جا سکے جبکہ کمیٹی نے مختلف امور پر تفصیلی غور کیا اور سفارشات مرتب کیں اسلام آباد میں منعقدہ اجلاس میں چیئرمین نے کہا کہ حکومت عوام کی فلاح و بہبود کے لیے اقدامات کر رہی ہے اور اس سلسلے میں تمام متعلقہ اداروں کو ہدایات جاری کر دی گئی ہیں تاکہ منصوبوں پر بروقت عمل درآمد یقینی بنایا جا سکے اور عوام کو ریلیف فراہم کیا جا سکے جبکہ کمیٹی نے مختلف امور پر تفصیلی غور کیا اور سفارشات مرتب کیں اسلام آباد میں منعقدہ اجلاس میں چیئرمین نے کہا کہ حکومت عوام کی فلاح و بہبود کے لیے اقدامات کر رہی ہے اور اس سلسلے میں تمام متعلقہ اداروں کو ہدایات جاری کر دی گئی ہیں تاکہ منصوبوں پر بروقت عمل درآمد یقینی بنایا جا سکے اور عوام کو ریلیف فراہم کیا جا سکے جبکہ کمیٹی نے مختلف امور
چیئرمین
51
اسلام آباد میں منعقدہ اجلاس میں چیئرمین نے کہا کہ حکومت عوام کی فلاح و بہبود کے لیے اقدامات کر رہی ہے اور اس سلسلے میں تمام متعلقہ اداروں کو ہدایات جاری کر دی گئی ہیں تاکہ منصوبوں پر بروقت عمل درآمد یقینی بنایا جا سکے اور عوام کو ریلیف فراہم کیا جا سکے جبکہ کمیٹی نے مختلف امور پر تفصیلی غور کیا اور سفارشات مرتب کیں اسلام آباد میں منعقدہ اجلاس میں چیئرمین نے کہا کہ حکومت عوام کی فلاح و بہبود کے لیے اقدامات کر رہی ہے اور اس سلسلے میں تمام متعلقہ اداروں کو ہدایات جاری کر دی گئی ہیں تاکہ منصوبوں پر بروقت عمل درآمد یقینی بنایا جا سکے اور عوام کو ریلیف فراہم کیا جا سکے جبکہ کمیٹی نے مختلف امور پر تفصیلی غور کیا اور سفارشات مرتب کیں اسلام آباد میں منعقدہ اجلاس میں چیئرمین نے کہا کہ حکومت عوام کی فلاح و بہبود کے لیے اقدامات کر رہی ہے اور اس سلسلے میں تمام متعلقہ اداروں کو ہدایات جاری کر دی گئی ہیں تاکہ منصوبوں پر بروقت عمل درآمد یقینی بنایا جا سکے اور عوام کو ریلیف فراہم کیا جا سکے جبکہ کمیٹی نے مختلف امور پر تفصیلی غور کیا اور سفارشات مرتب کیں اسلام آباد میں منعقدہ
چیئرمین
52
اسلام آباد میں منعقدہ اجلاس میں چیئرمین نے کہا کہ حکومت عوام کی فلاح و بہبود کے لیے اقدامات کر رہی ہے اور اس سلسلے میں تمام متعلقہ اداروں کو ہدایات جاری کر دی گئی ہیں تاکہ منصوبوں پر بروقت عمل درآمد یقینی بنایا جا سکے اور عوام کو ریلیف فراہم کیا جا سکے جبکہ کمیٹی نے مختلف امور پر تفصیلی غور کیا اور سفارشات مرتب کیں اسلام آباد میں منعقدہ اجلاس میں چیئرمین نے کہا کہ حکومت عوام کی فلاح و بہبود کے لیے اقدامات کر رہی ہے اور اس سلسلے میں تمام متعلقہ اداروں کو ہدایات جاری کر دی گئی ہیں تاکہ منصوبوں پر بروقت عمل درآمد
چیئرمین
53
اسلام آباد میں منعقدہ اجلاس میں چیئرمین نے کہا کہ حکومت عوام کی فلاح و بہبود کے لیے اقدامات کر رہی ہے اور اس سلسلے میں تمام متعلقہ اداروں کو ہدایات جاری کر دی گئی ہیں تاکہ منصوبوں پر بروقت عمل درآمد یقینی بنایا جا سکے اور عوام کو ریلیف فراہم کیا جا سکے جبکہ کمیٹی نے مختلف امور پر تفصیلی غور کیا اور سفارشات مرتب کیں اسلام آباد میں منعقدہ اجلاس میں چیئرمین نے کہا کہ حکومت عوام کی فلاح و بہبود کے لیے اقدامات کر رہی ہے اور اس سلسلے میں تمام متعلقہ اداروں کو ہدایات جاری کر دی گئی ہیں تاکہ منصوبوں پر بروقت عمل درآمد یقینی بنایا جا سکے اور عوام کو ریلیف فراہم کیا جا سکے جبکہ کمیٹی نے مختلف امور پر تفصیلی غور کیا اور سفارشات مرتب کیں اسلام آباد میں منعقدہ اجلاس میں چیئرمین نے کہا کہ حکومت عوام کی فلاح و بہبود کے لیے اقدامات کر رہی ہے اور اس سلسلے میں تمام متعلقہ اداروں کو ہدایات جاری کر دی گئی ہیں تاکہ منصوبوں پر
چیئرمین
54
اسلام آباد میں منعقدہ اجلاس میں چیئرمین نے کہا کہ حکومت عوام کی فلاح و بہبود کے لیے اقدامات کر رہی ہے اور اس سلسلے میں تمام متعلقہ اداروں کو ہدایات جاری کر دی گئی ہیں تاکہ منصوبوں پر
